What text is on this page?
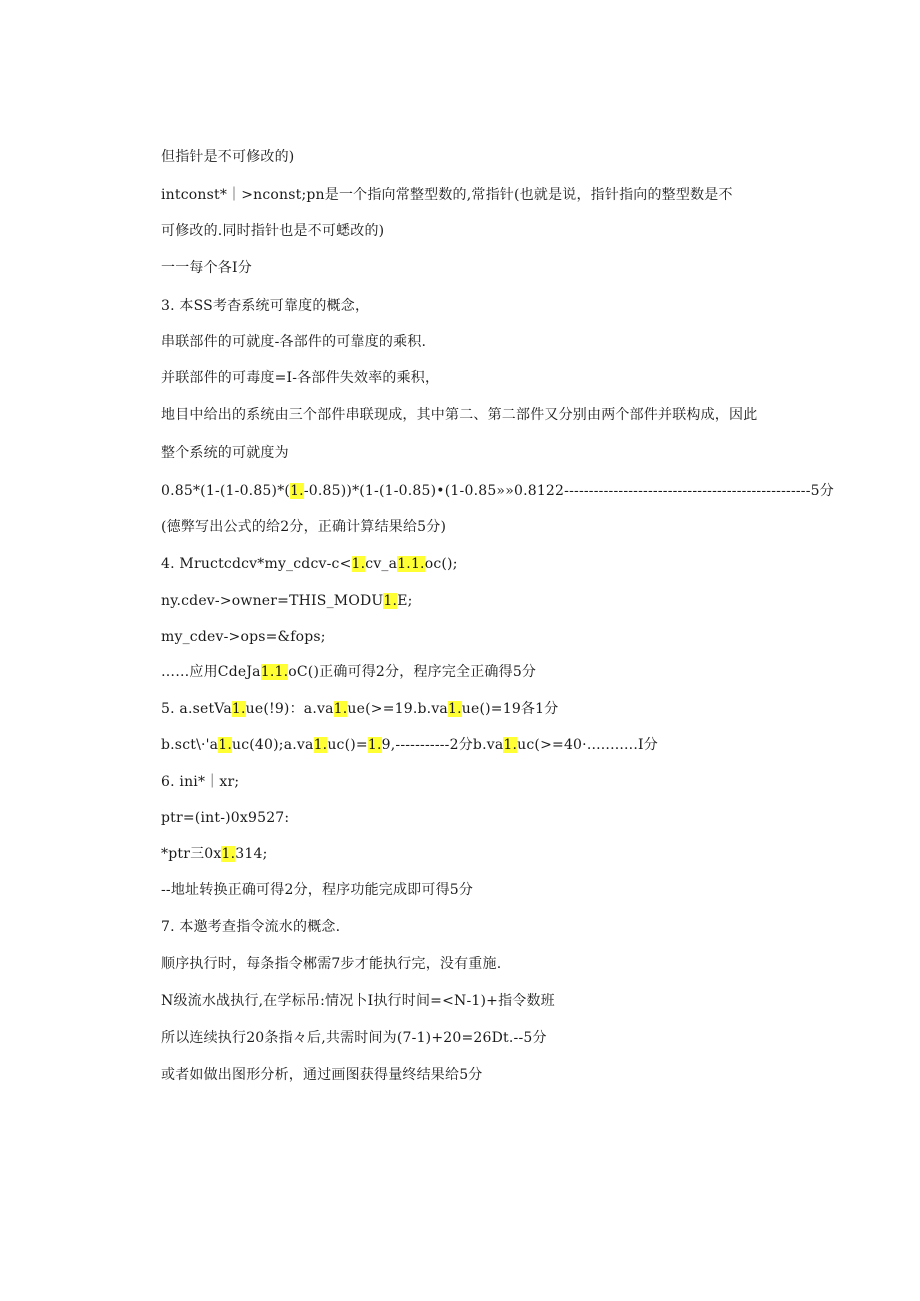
但指针是不可修改的)
intconst*｜>nconst;pn是一个指向常整型数的,常指针(也就是说，指针指向的整型数是不
可修改的.同时指针也是不可蟋改的)
一一每个各I分
3. 本SS考杳系统可靠度的概念，
串联部件的可就度-各部件的可靠度的乘积.
并联部件的可毒度=I-各部件失效率的乘积，
地目中给出的系统由三个部件串联现成，其中第二、第二部件又分别由两个部件并联构成，因此
整个系统的可就度为
0.85*(1-(1-0.85)*(1.-0.85))*(1-(1-0.85)•(1-0.85»»0.8122--------------------------------------------------5分
(德弊写出公式的给2分，正确计算结果给5分)
4. Mructcdcv*my_cdcv-c<1.cv_a1.1.oc();
ny.cdev->owner=THIS_MODU1.E;
my_cdev->ops=&fops;
……应用CdeJa1.1.oC()正确可得2分，程序完全正确得5分
5. a.setVa1.ue(!9)：a.va1.ue(>=19.b.va1.ue()=19各1分
b.sct\·'a1.uc(40);a.va1.uc()=1.9,-----------2分b.va1.uc(>=40·...........I分
6. ini*｜xr;
ptr=(int-)0x9527:
*ptr三0x1.314;
--地址转换正确可得2分，程序功能完成即可得5分
7. 本邀考查指令流水的概念.
顺序执行时，每条指令郴需7步才能执行完，没有重施.
N级流水战执行,在学标吊:情况卜I执行时间=<N-1)+指令数班
所以连续执行20条指々后,共需时间为(7-1)+20=26Dt.--5分
或者如做出图形分析，通过画图获得量终结果给5分
